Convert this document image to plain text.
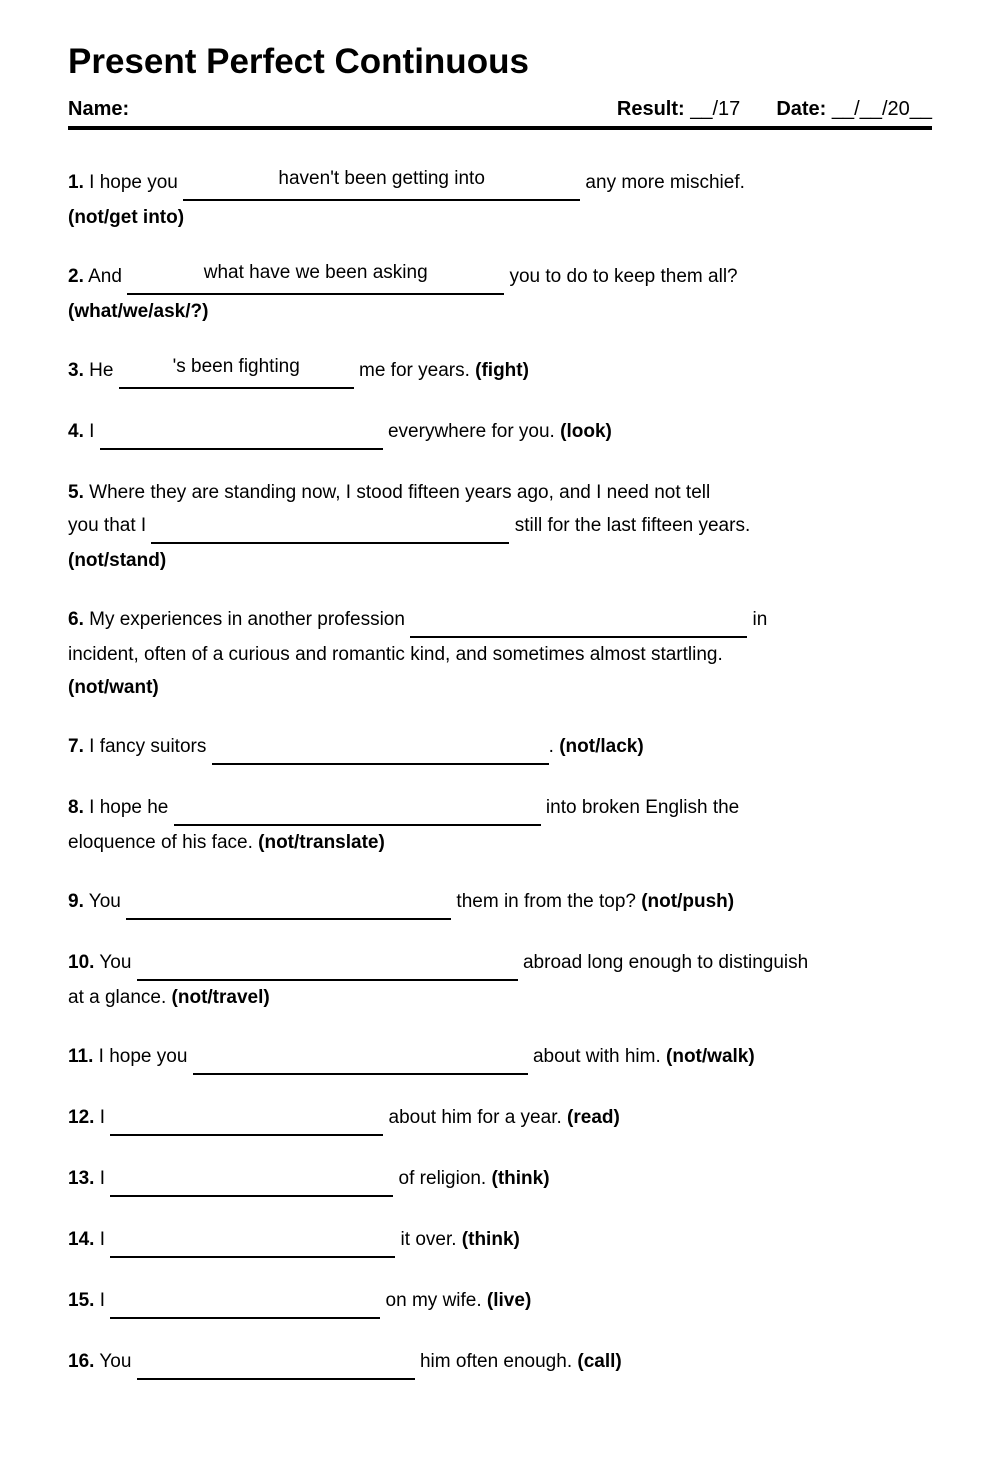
Present Perfect Continuous
Name:	Result: __/17 Date: __/__/20__

1. I hope you	haven't been getting into	any more mischief.
(not/get into)

2. And	what have we been asking	you to do to keep them all?
(what/we/ask/?)

3. He	's been fighting	me for years. (fight)

4. I	everywhere for you. (look)

5. Where they are standing now, I stood fifteen years ago, and I need not tell
you that I	still for the last fifteen years.
(not/stand)

6. My experiences in another profession	in
incident, often of a curious and romantic kind, and sometimes almost startling.
(not/want)

7. I fancy suitors	. (not/lack)

8. I hope he	into broken English the
eloquence of his face. (not/translate)

9. You	them in from the top? (not/push)

10. You	abroad long enough to distinguish
at a glance. (not/travel)

11. I hope you	about with him. (not/walk)

12. I	about him for a year. (read)

13. I	of religion. (think)

14. I	it over. (think)

15. I	on my wife. (live)

16. You	him often enough. (call)
